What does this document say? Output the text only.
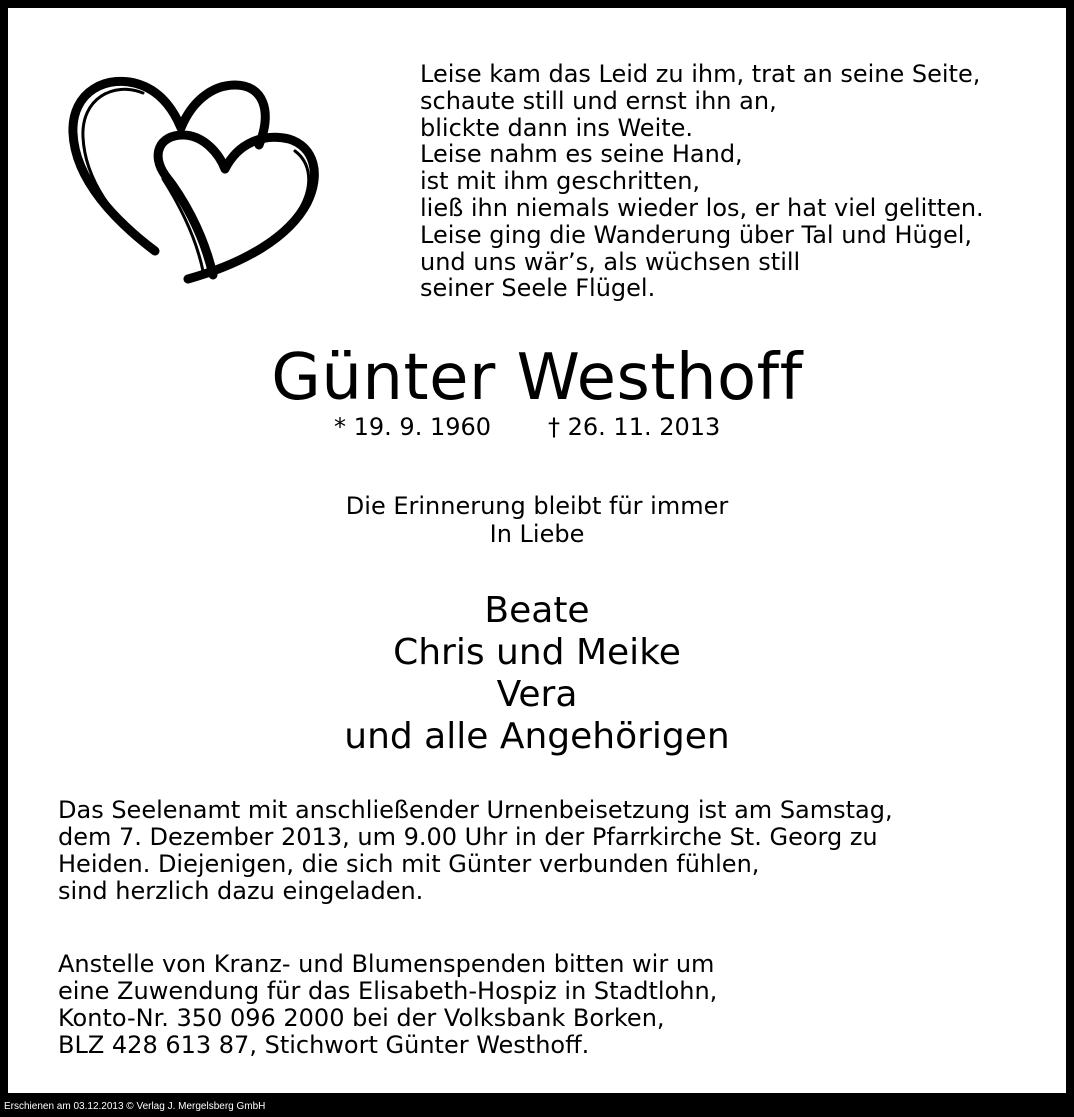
Leise kam das Leid zu ihm, trat an seine Seite,
schaute still und ernst ihn an,
blickte dann ins Weite.
Leise nahm es seine Hand,
ist mit ihm geschritten,
ließ ihn niemals wieder los, er hat viel gelitten.
Leise ging die Wanderung über Tal und Hügel,
und uns wär’s, als wüchsen still
seiner Seele Flügel.
Günter Westhoff
* 19. 9. 1960 † 26. 11. 2013
Die Erinnerung bleibt für immer
In Liebe
Beate
Chris und Meike
Vera
und alle Angehörigen
Das Seelenamt mit anschließender Urnenbeisetzung ist am Samstag,
dem 7. Dezember 2013, um 9.00 Uhr in der Pfarrkirche St. Georg zu
Heiden. Diejenigen, die sich mit Günter verbunden fühlen,
sind herzlich dazu eingeladen.
Anstelle von Kranz- und Blumenspenden bitten wir um
eine Zuwendung für das Elisabeth-Hospiz in Stadtlohn,
Konto-Nr. 350 096 2000 bei der Volksbank Borken,
BLZ 428 613 87, Stichwort Günter Westhoff.
Erschienen am 03.12.2013 © Verlag J. Mergelsberg GmbH
